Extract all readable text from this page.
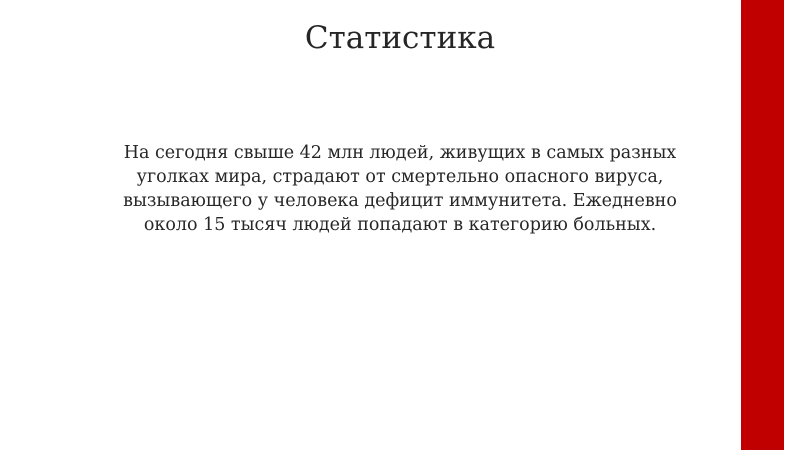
Статистика

На сегодня свыше 42 млн людей, живущих в самых разных уголках мира, страдают от смертельно опасного вируса, вызывающего у человека дефицит иммунитета. Ежедневно около 15 тысяч людей попадают в категорию больных.
